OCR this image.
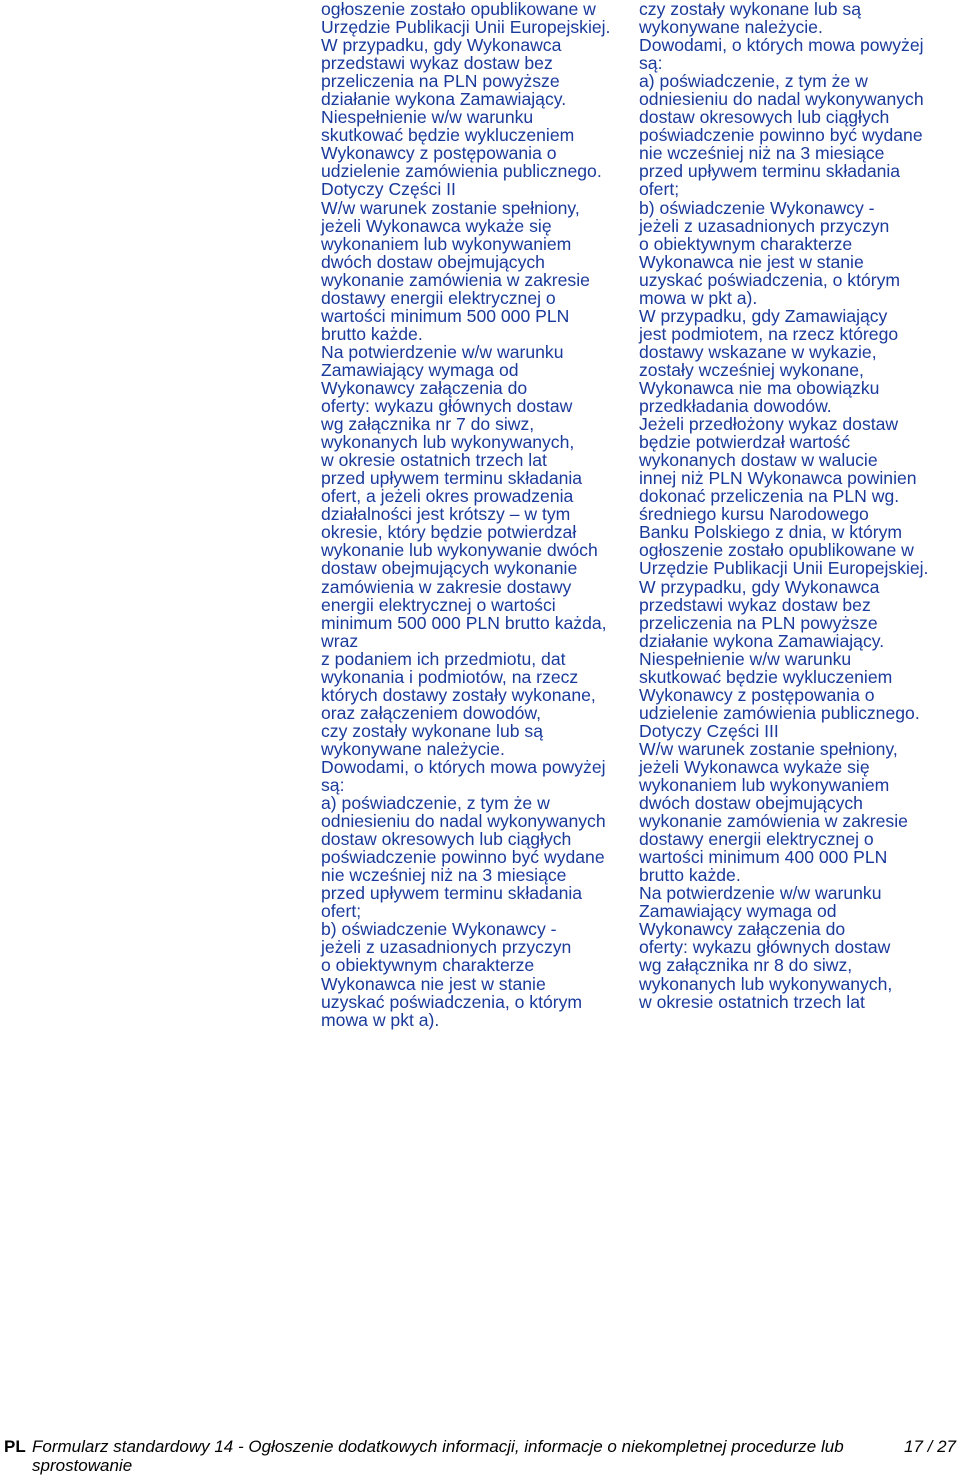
ogłoszenie zostało opublikowane w
Urzędzie Publikacji Unii Europejskiej.
W przypadku, gdy Wykonawca
przedstawi wykaz dostaw bez
przeliczenia na PLN powyższe
działanie wykona Zamawiający.
Niespełnienie w/w warunku
skutkować będzie wykluczeniem
Wykonawcy z postępowania o
udzielenie zamówienia publicznego.
Dotyczy Części II
W/w warunek zostanie spełniony,
jeżeli Wykonawca wykaże się
wykonaniem lub wykonywaniem
dwóch dostaw obejmujących
wykonanie zamówienia w zakresie
dostawy energii elektrycznej o
wartości minimum 500 000 PLN
brutto każde.
Na potwierdzenie w/w warunku
Zamawiający wymaga od
Wykonawcy załączenia do
oferty: wykazu głównych dostaw
wg załącznika nr 7 do siwz,
wykonanych lub wykonywanych,
w okresie ostatnich trzech lat
przed upływem terminu składania
ofert, a jeżeli okres prowadzenia
działalności jest krótszy – w tym
okresie, który będzie potwierdzał
wykonanie lub wykonywanie dwóch
dostaw obejmujących wykonanie
zamówienia w zakresie dostawy
energii elektrycznej o wartości
minimum 500 000 PLN brutto każda,
wraz
z podaniem ich przedmiotu, dat
wykonania i podmiotów, na rzecz
których dostawy zostały wykonane,
oraz załączeniem dowodów,
czy zostały wykonane lub są
wykonywane należycie.
Dowodami, o których mowa powyżej
są:
a) poświadczenie, z tym że w
odniesieniu do nadal wykonywanych
dostaw okresowych lub ciągłych
poświadczenie powinno być wydane
nie wcześniej niż na 3 miesiące
przed upływem terminu składania
ofert;
b) oświadczenie Wykonawcy -
jeżeli z uzasadnionych przyczyn
o obiektywnym charakterze
Wykonawca nie jest w stanie
uzyskać poświadczenia, o którym
mowa w pkt a).
czy zostały wykonane lub są
wykonywane należycie.
Dowodami, o których mowa powyżej
są:
a) poświadczenie, z tym że w
odniesieniu do nadal wykonywanych
dostaw okresowych lub ciągłych
poświadczenie powinno być wydane
nie wcześniej niż na 3 miesiące
przed upływem terminu składania
ofert;
b) oświadczenie Wykonawcy -
jeżeli z uzasadnionych przyczyn
o obiektywnym charakterze
Wykonawca nie jest w stanie
uzyskać poświadczenia, o którym
mowa w pkt a).
W przypadku, gdy Zamawiający
jest podmiotem, na rzecz którego
dostawy wskazane w wykazie,
zostały wcześniej wykonane,
Wykonawca nie ma obowiązku
przedkładania dowodów.
Jeżeli przedłożony wykaz dostaw
będzie potwierdzał wartość
wykonanych dostaw w walucie
innej niż PLN Wykonawca powinien
dokonać przeliczenia na PLN wg.
średniego kursu Narodowego
Banku Polskiego z dnia, w którym
ogłoszenie zostało opublikowane w
Urzędzie Publikacji Unii Europejskiej.
W przypadku, gdy Wykonawca
przedstawi wykaz dostaw bez
przeliczenia na PLN powyższe
działanie wykona Zamawiający.
Niespełnienie w/w warunku
skutkować będzie wykluczeniem
Wykonawcy z postępowania o
udzielenie zamówienia publicznego.
Dotyczy Części III
W/w warunek zostanie spełniony,
jeżeli Wykonawca wykaże się
wykonaniem lub wykonywaniem
dwóch dostaw obejmujących
wykonanie zamówienia w zakresie
dostawy energii elektrycznej o
wartości minimum 400 000 PLN
brutto każde.
Na potwierdzenie w/w warunku
Zamawiający wymaga od
Wykonawcy załączenia do
oferty: wykazu głównych dostaw
wg załącznika nr 8 do siwz,
wykonanych lub wykonywanych,
w okresie ostatnich trzech lat
PL Formularz standardowy 14 - Ogłoszenie dodatkowych informacji, informacje o niekompletnej procedurze lub sprostowanie
17 / 27
